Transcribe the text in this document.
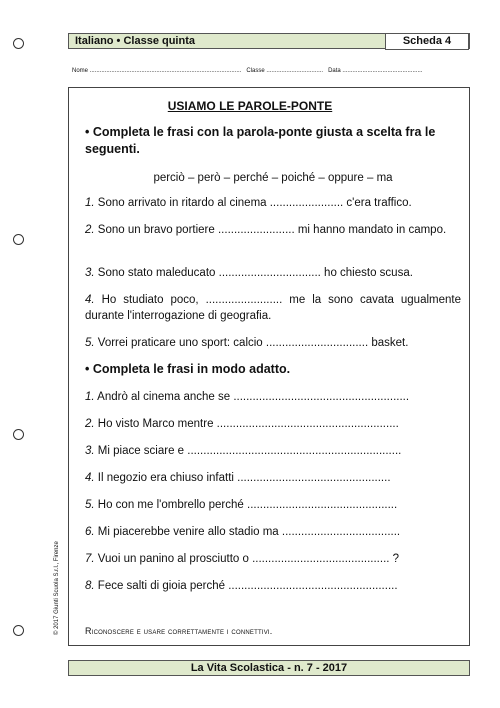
Italiano • Classe quinta	Scheda 4
Nome ........................................................................................... Classe .................................. Data ................................................
USIAMO LE PAROLE-PONTE
• Completa le frasi con la parola-ponte giusta a scelta fra le seguenti.
perciò – però – perché – poiché – oppure – ma
1. Sono arrivato in ritardo al cinema ....................... c'era traffico.
2. Sono un bravo portiere ........................ mi hanno mandato in campo.
3. Sono stato maleducato ................................ ho chiesto scusa.
4. Ho studiato poco, ........................ me la sono cavata ugualmente durante l'interrogazione di geografia.
5. Vorrei praticare uno sport: calcio ................................ basket.
• Completa le frasi in modo adatto.
1. Andrò al cinema anche se .......................................................
2. Ho visto Marco mentre .........................................................
3. Mi piace sciare e ...................................................................
4. Il negozio era chiuso infatti ................................................
5. Ho con me l'ombrello perché ...............................................
6. Mi piacerebbe venire allo stadio ma .....................................
7. Vuoi un panino al prosciutto o ........................................... ?
8. Fece salti di gioia perché .....................................................
Riconoscere e usare correttamente i connettivi.
© 2017 Giunti Scuola S.r.l., Firenze
La Vita Scolastica - n. 7 - 2017
